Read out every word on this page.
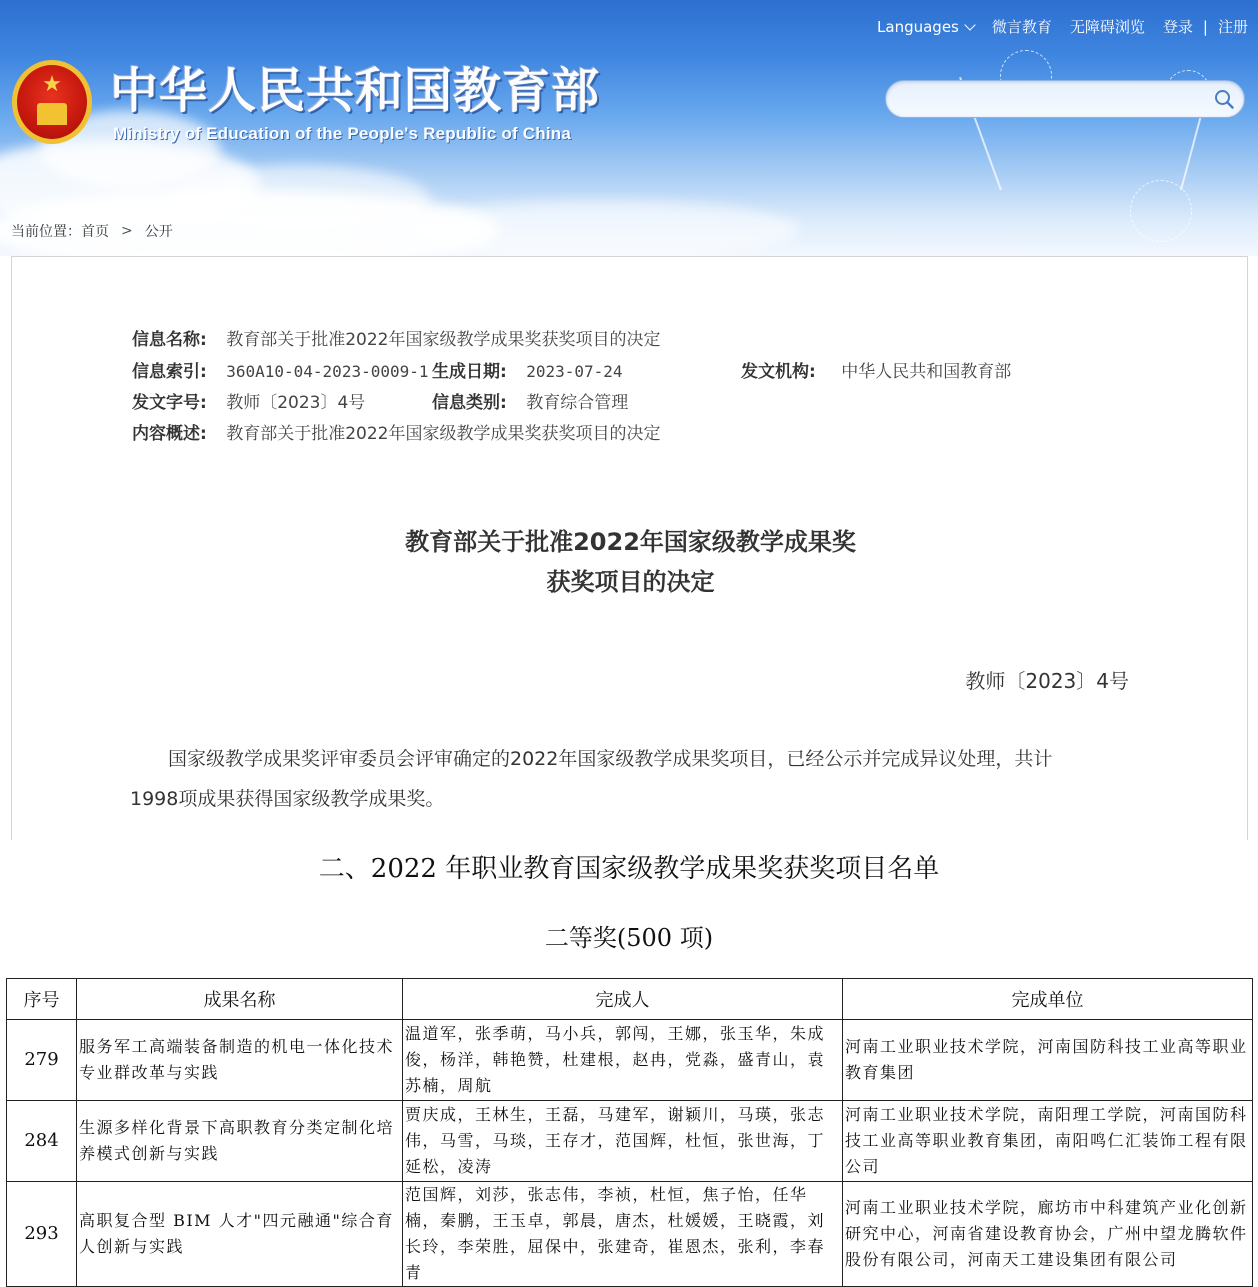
★ 中华人民共和国教育部
Ministry of Education of the People's Republic of China
Languages 微言教育 无障碍浏览 登录 | 注册
当前位置： 首页 > 公开
信息名称: 教育部关于批准2022年国家级教学成果奖获奖项目的决定
信息索引: 360A10-04-2023-0009-1 生成日期: 2023-07-24	发文机构: 中华人民共和国教育部
发文字号: 教师〔2023〕4号	信息类别: 教育综合管理
内容概述: 教育部关于批准2022年国家级教学成果奖获奖项目的决定
教育部关于批准2022年国家级教学成果奖
获奖项目的决定
教师〔2023〕4号
　　国家级教学成果奖评审委员会评审确定的2022年国家级教学成果奖项目，已经公示并完成异议处理，共计
1998项成果获得国家级教学成果奖。
二、2022 年职业教育国家级教学成果奖获奖项目名单
二等奖(500 项)
序号	成果名称	完成人	完成单位
279	服务军工高端装备制造的机电一体化技术专业群改革与实践	温道军，张季萌，马小兵，郭闯，王娜，张玉华，朱成俊，杨洋，韩艳赞，杜建根，赵冉，党淼，盛青山，袁苏楠，周航	河南工业职业技术学院，河南国防科技工业高等职业教育集团
284	生源多样化背景下高职教育分类定制化培养模式创新与实践	贾庆成，王林生，王磊，马建军，谢颖川，马瑛，张志伟，马雪，马琰，王存才，范国辉，杜恒，张世海，丁延松，凌涛	河南工业职业技术学院，南阳理工学院，河南国防科技工业高等职业教育集团，南阳鸣仁汇装饰工程有限公司
293	高职复合型 BIM 人才"四元融通"综合育人创新与实践	范国辉，刘莎，张志伟，李祯，杜恒，焦子怡，任华楠，秦鹏，王玉卓，郭晨，唐杰，杜媛媛，王晓霞，刘长玲，李荣胜，屈保中，张建奇，崔恩杰，张利，李春青	河南工业职业技术学院，廊坊市中科建筑产业化创新研究中心，河南省建设教育协会，广州中望龙腾软件股份有限公司，河南天工建设集团有限公司
